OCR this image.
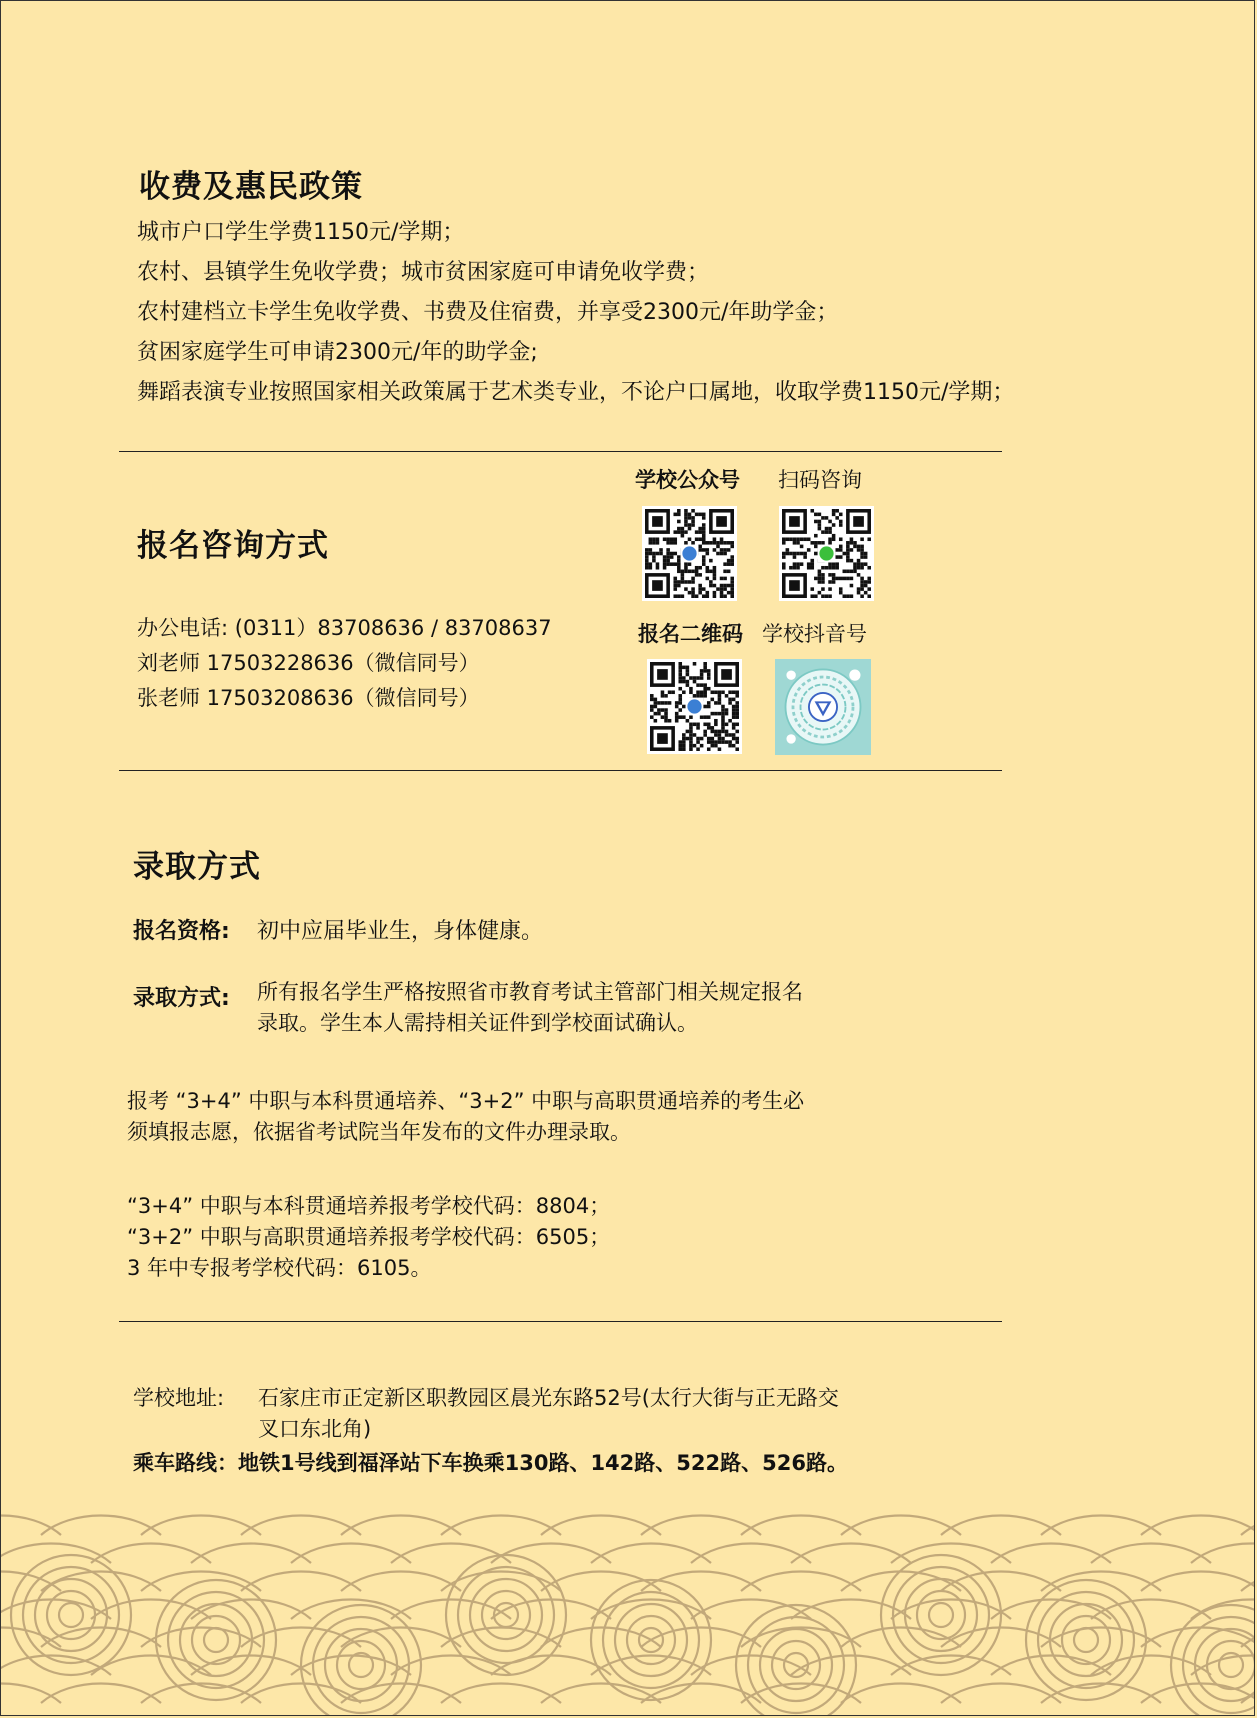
收费及惠民政策
城市户口学生学费1150元/学期；
农村、县镇学生免收学费；城市贫困家庭可申请免收学费；
农村建档立卡学生免收学费、书费及住宿费，并享受2300元/年助学金；
贫困家庭学生可申请2300元/年的助学金;
舞蹈表演专业按照国家相关政策属于艺术类专业，不论户口属地，收取学费1150元/学期；
报名咨询方式
办公电话: (0311）83708636 / 83708637
刘老师 17503228636（微信同号）
张老师 17503208636（微信同号）
学校公众号 扫码咨询
报名二维码 学校抖音号
录取方式
报名资格: 初中应届毕业生，身体健康。
录取方式: 所有报名学生严格按照省市教育考试主管部门相关规定报名
录取。学生本人需持相关证件到学校面试确认。
报考 “3+4” 中职与本科贯通培养、“3+2” 中职与高职贯通培养的考生必
须填报志愿，依据省考试院当年发布的文件办理录取。
“3+4” 中职与本科贯通培养报考学校代码：8804；
“3+2” 中职与高职贯通培养报考学校代码：6505；
3 年中专报考学校代码：6105。
学校地址: 石家庄市正定新区职教园区晨光东路52号(太行大街与正无路交
叉口东北角)
乘车路线：地铁1号线到福泽站下车换乘130路、142路、522路、526路。
